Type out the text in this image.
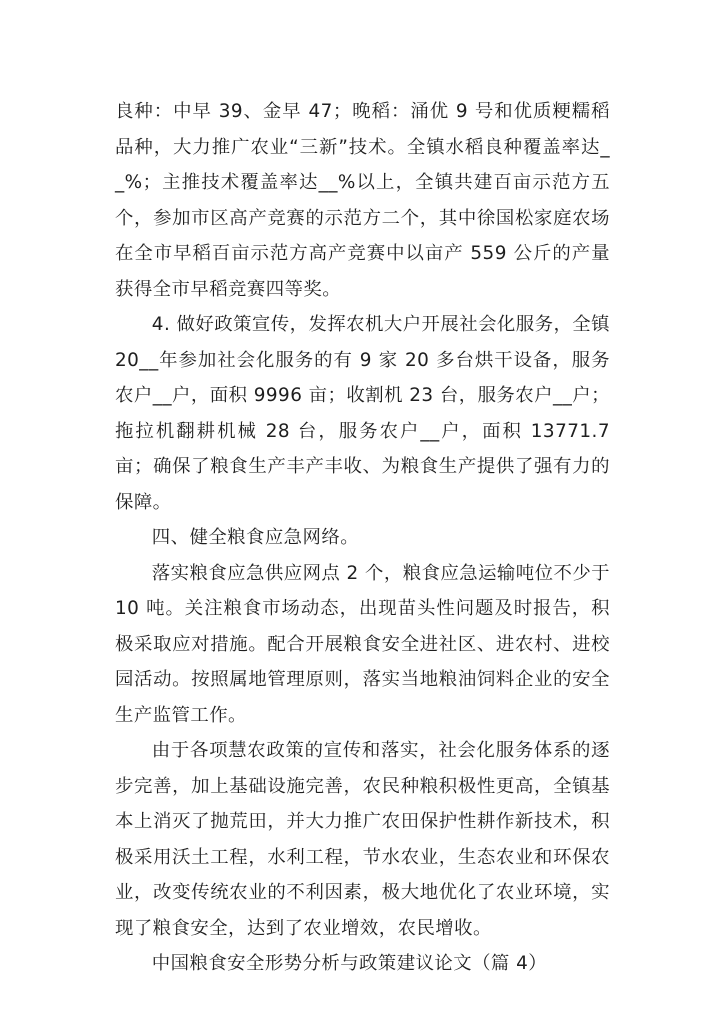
良种：中早 39、金早 47；晚稻：涌优 9 号和优质粳糯稻品种，大力推广农业“三新”技术。全镇水稻良种覆盖率达__%；主推技术覆盖率达__%以上，全镇共建百亩示范方五个，参加市区高产竞赛的示范方二个，其中徐国松家庭农场在全市早稻百亩示范方高产竞赛中以亩产 559 公斤的产量获得全市早稻竞赛四等奖。

4. 做好政策宣传，发挥农机大户开展社会化服务，全镇 20__年参加社会化服务的有 9 家 20 多台烘干设备，服务农户__户，面积 9996 亩；收割机 23 台，服务农户__户；拖拉机翻耕机械 28 台，服务农户__户，面积 13771.7 亩；确保了粮食生产丰产丰收、为粮食生产提供了强有力的保障。

四、健全粮食应急网络。

落实粮食应急供应网点 2 个，粮食应急运输吨位不少于 10 吨。关注粮食市场动态，出现苗头性问题及时报告，积极采取应对措施。配合开展粮食安全进社区、进农村、进校园活动。按照属地管理原则，落实当地粮油饲料企业的安全生产监管工作。

由于各项慧农政策的宣传和落实，社会化服务体系的逐步完善，加上基础设施完善，农民种粮积极性更高，全镇基本上消灭了抛荒田，并大力推广农田保护性耕作新技术，积极采用沃土工程，水利工程，节水农业，生态农业和环保农业，改变传统农业的不利因素，极大地优化了农业环境，实现了粮食安全，达到了农业增效，农民增收。

中国粮食安全形势分析与政策建议论文（篇 4）
